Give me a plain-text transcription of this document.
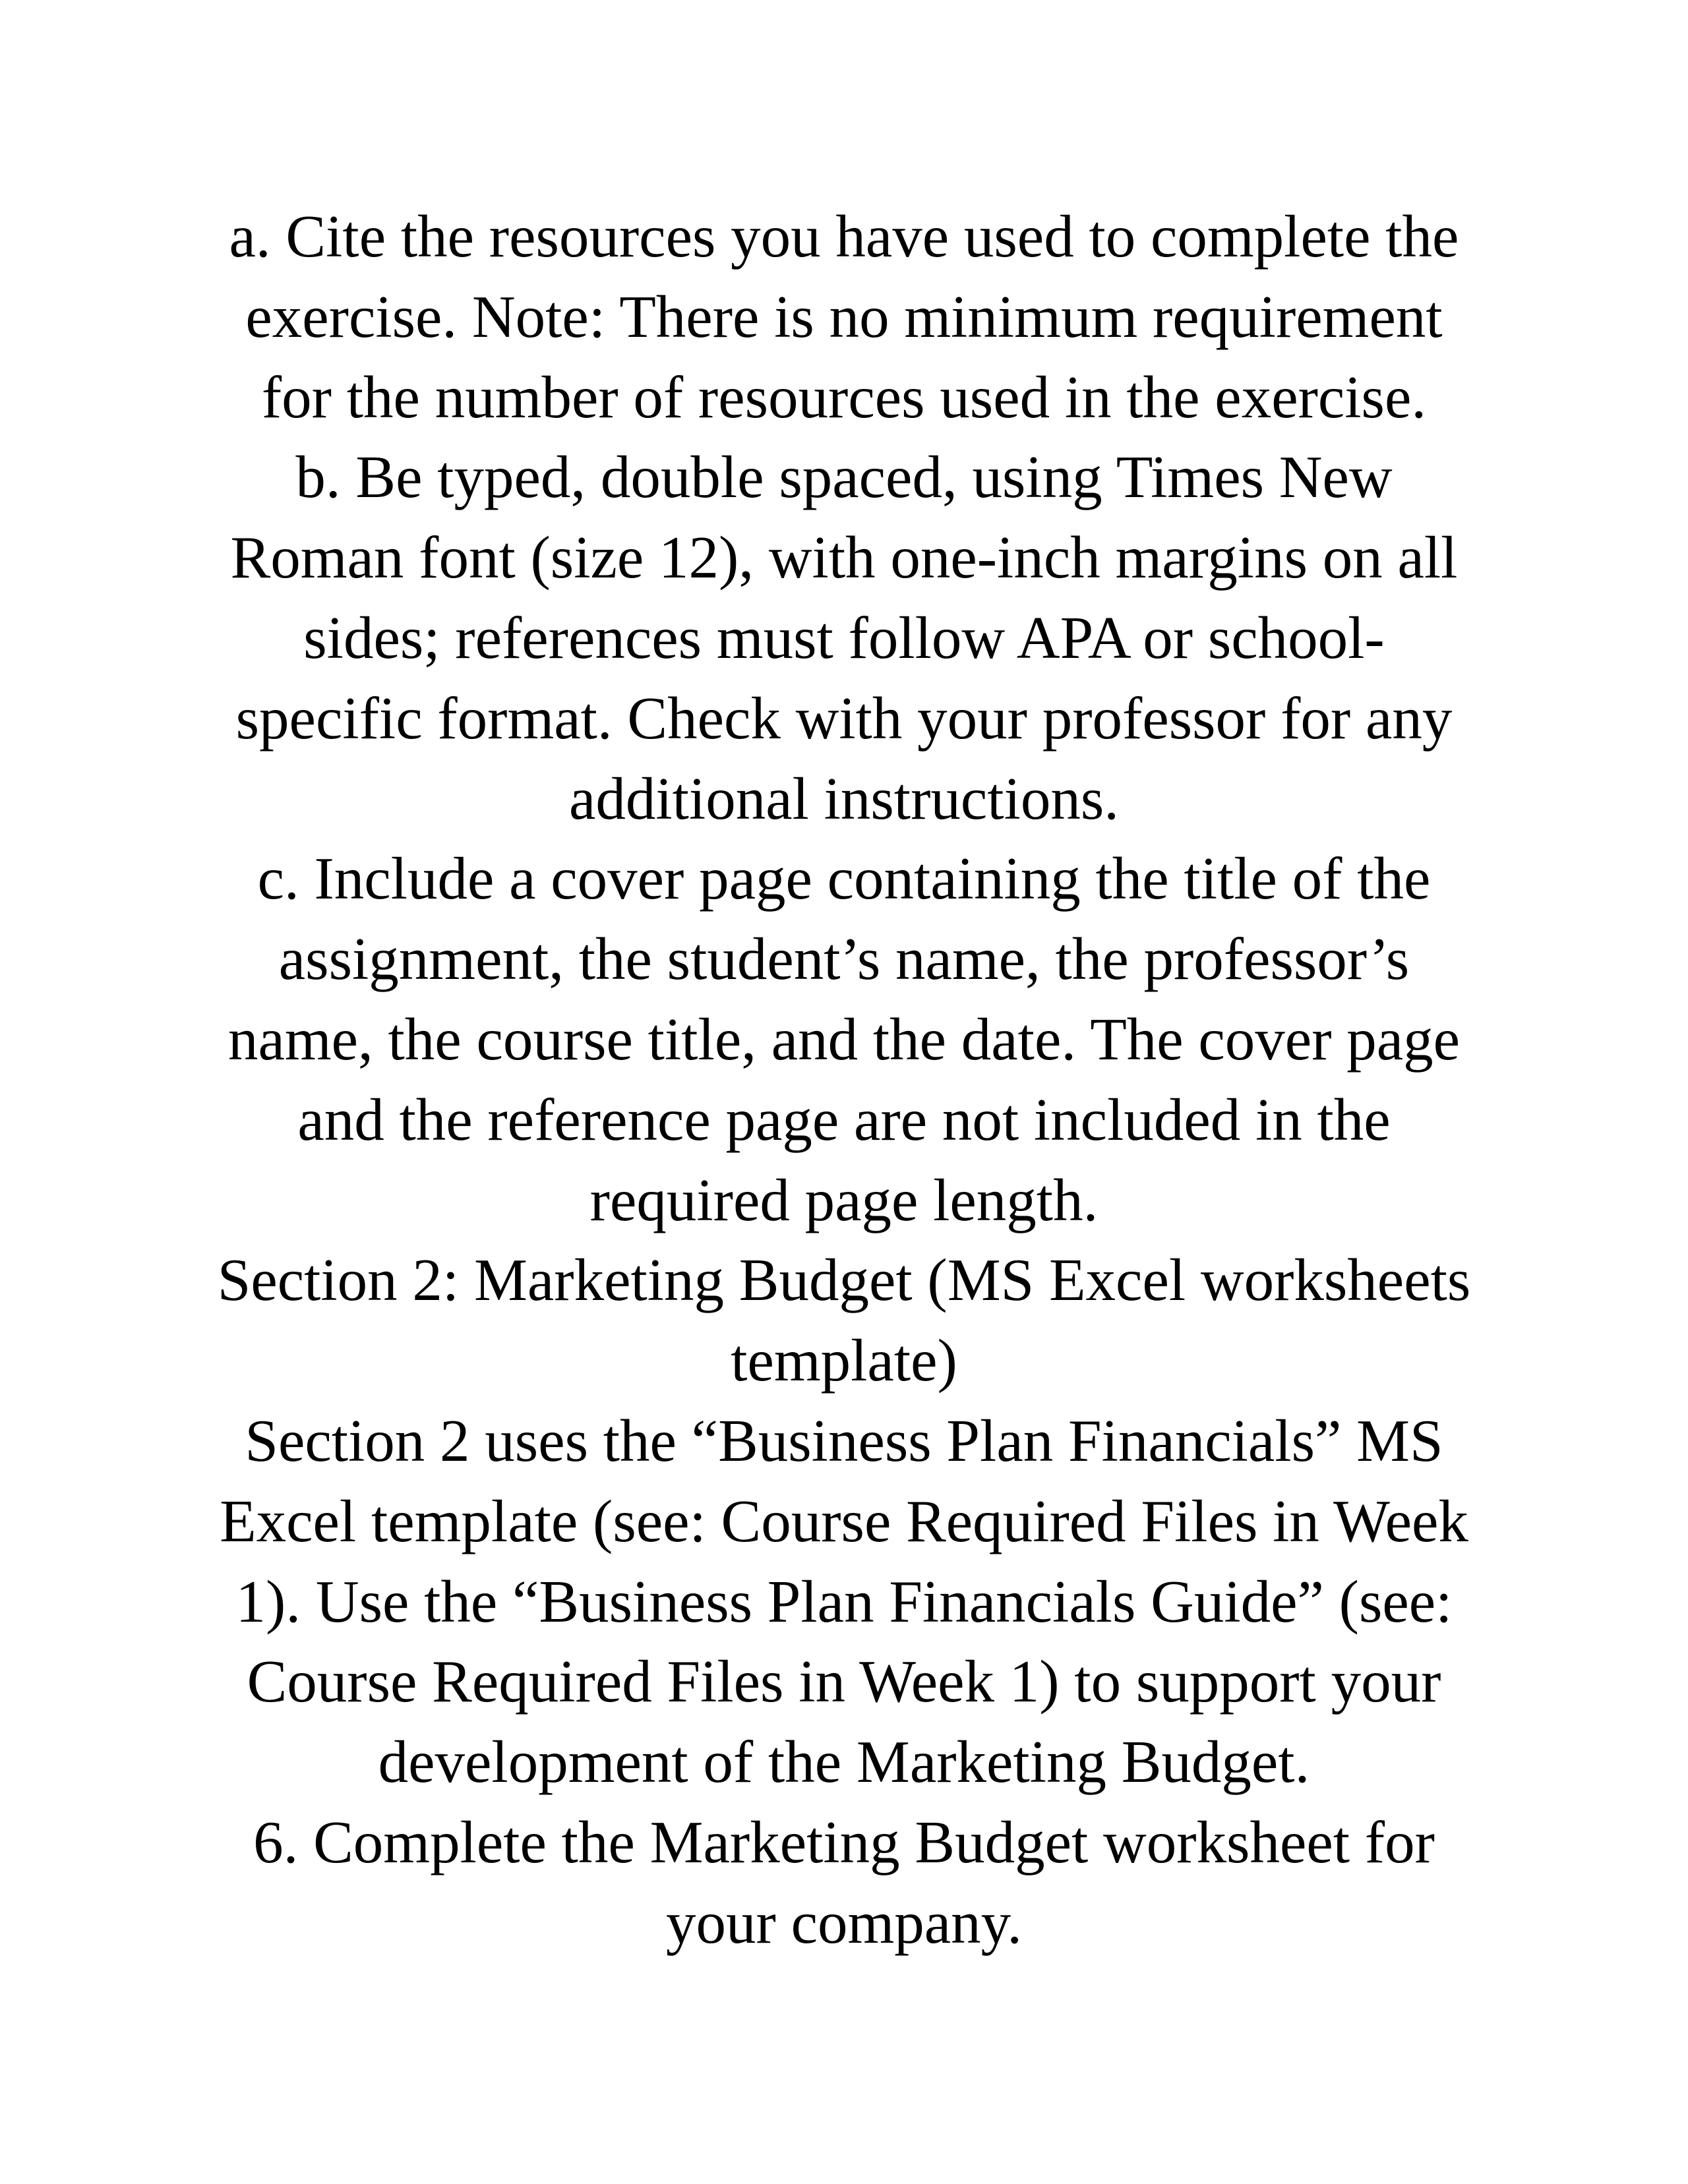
a. Cite the resources you have used to complete the
exercise. Note: There is no minimum requirement
for the number of resources used in the exercise.
b. Be typed, double spaced, using Times New
Roman font (size 12), with one-inch margins on all
sides; references must follow APA or school-
specific format. Check with your professor for any
additional instructions.
c. Include a cover page containing the title of the
assignment, the student’s name, the professor’s
name, the course title, and the date. The cover page
and the reference page are not included in the
required page length.
Section 2: Marketing Budget (MS Excel worksheets
template)
Section 2 uses the “Business Plan Financials” MS
Excel template (see: Course Required Files in Week
1). Use the “Business Plan Financials Guide” (see:
Course Required Files in Week 1) to support your
development of the Marketing Budget.
6. Complete the Marketing Budget worksheet for
your company.
